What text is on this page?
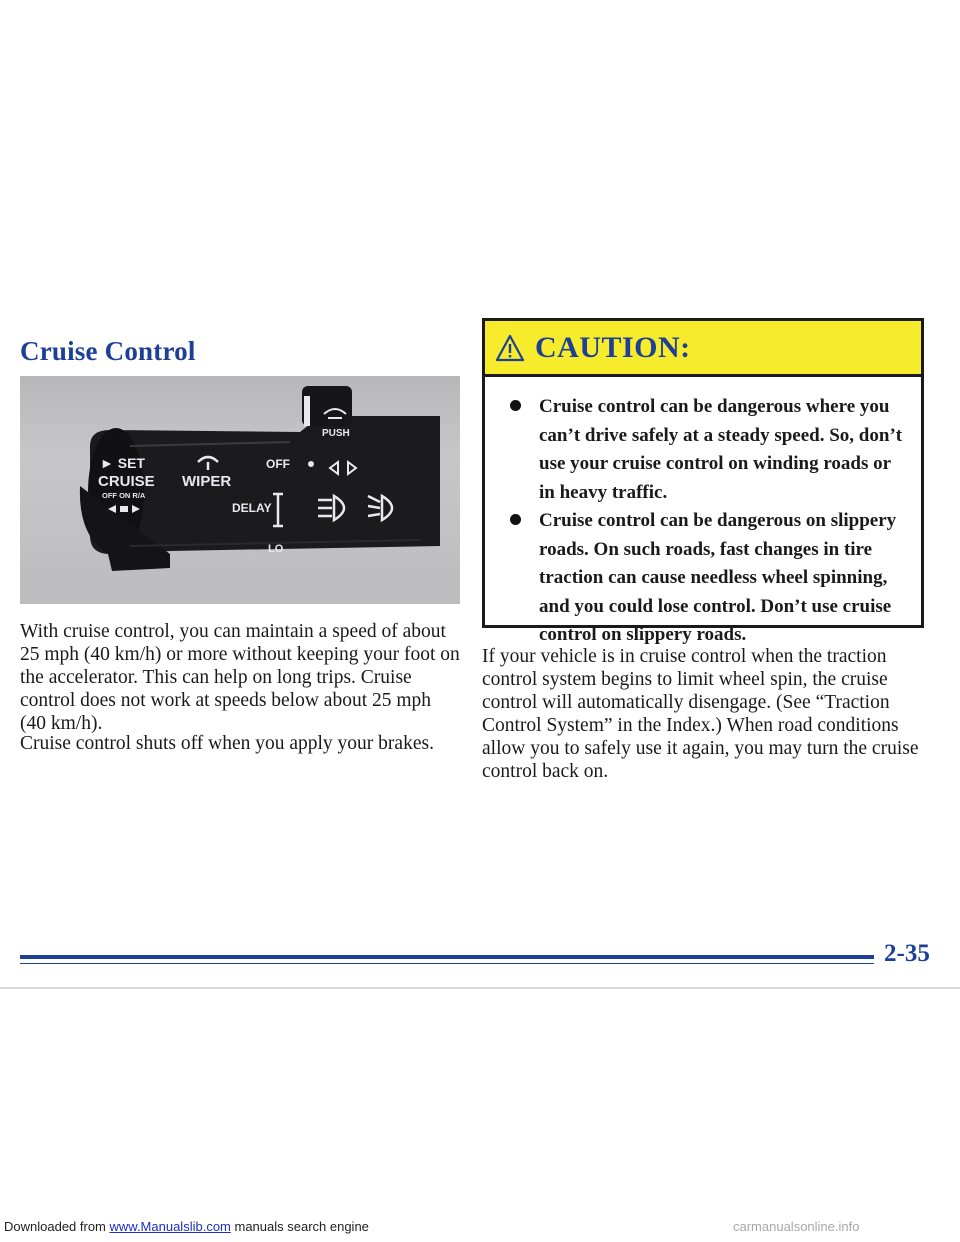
Cruise Control
► SET
CRUISE
OFF ON R/A
WIPER
OFF
PUSH
DELAY
LO

With cruise control, you can maintain a speed of about 25 mph (40 km/h) or more without keeping your foot on the accelerator. This can help on long trips. Cruise control does not work at speeds below about 25 mph (40 km/h).

Cruise control shuts off when you apply your brakes.

CAUTION:
Cruise control can be dangerous where you can’t drive safely at a steady speed. So, don’t use your cruise control on winding roads or in heavy traffic.
Cruise control can be dangerous on slippery roads. On such roads, fast changes in tire traction can cause needless wheel spinning, and you could lose control. Don’t use cruise control on slippery roads.

If your vehicle is in cruise control when the traction control system begins to limit wheel spin, the cruise control will automatically disengage. (See “Traction Control System” in the Index.) When road conditions allow you to safely use it again, you may turn the cruise control back on.

2-35

Downloaded from www.Manualslib.com manuals search engine	carmanualsonline.info
